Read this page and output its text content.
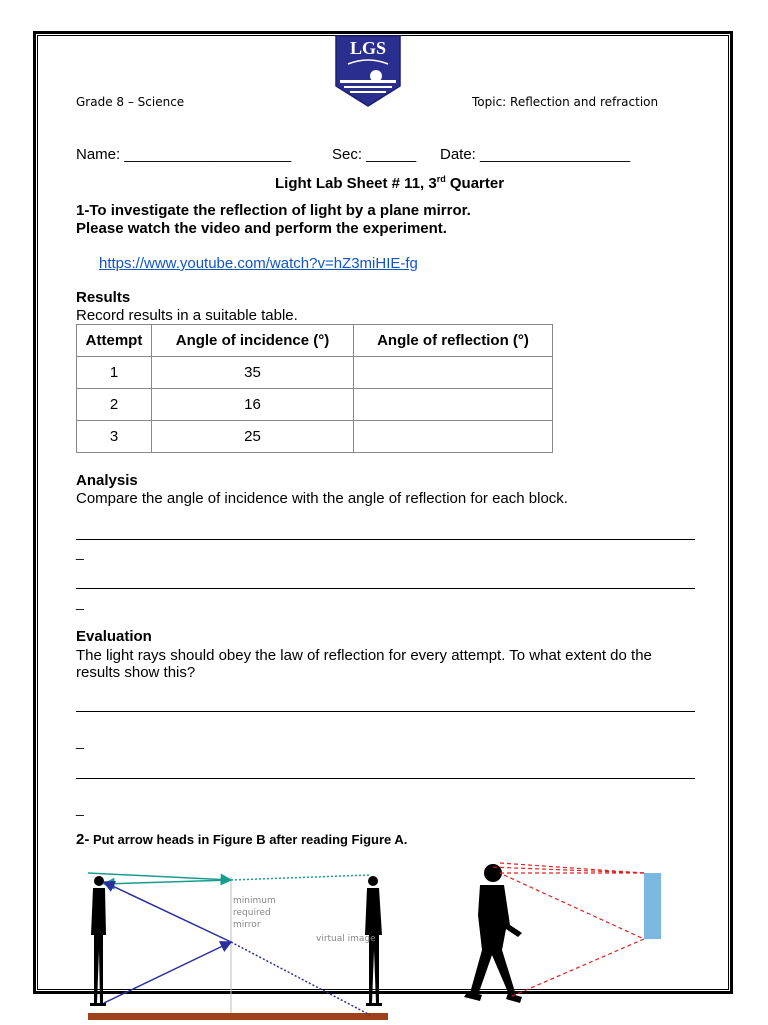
LGS
Grade 8 – Science	Topic: Reflection and refraction
Name: ____________________	Sec: ______ Date: __________________
Light Lab Sheet # 11, 3rd Quarter
1-To investigate the reflection of light by a plane mirror.
Please watch the video and perform the experiment.
https://www.youtube.com/watch?v=hZ3miHIE-fg
Results
Record results in a suitable table.
Attempt	Angle of incidence (°)	Angle of reflection (°)
1	35	
2	16	
3	25	
Analysis
Compare the angle of incidence with the angle of reflection for each block.
_
_
Evaluation
The light rays should obey the law of reflection for every attempt. To what extent do the
results show this?
_
_
2- Put arrow heads in Figure B after reading Figure A.
minimum
required
mirror
virtual image
